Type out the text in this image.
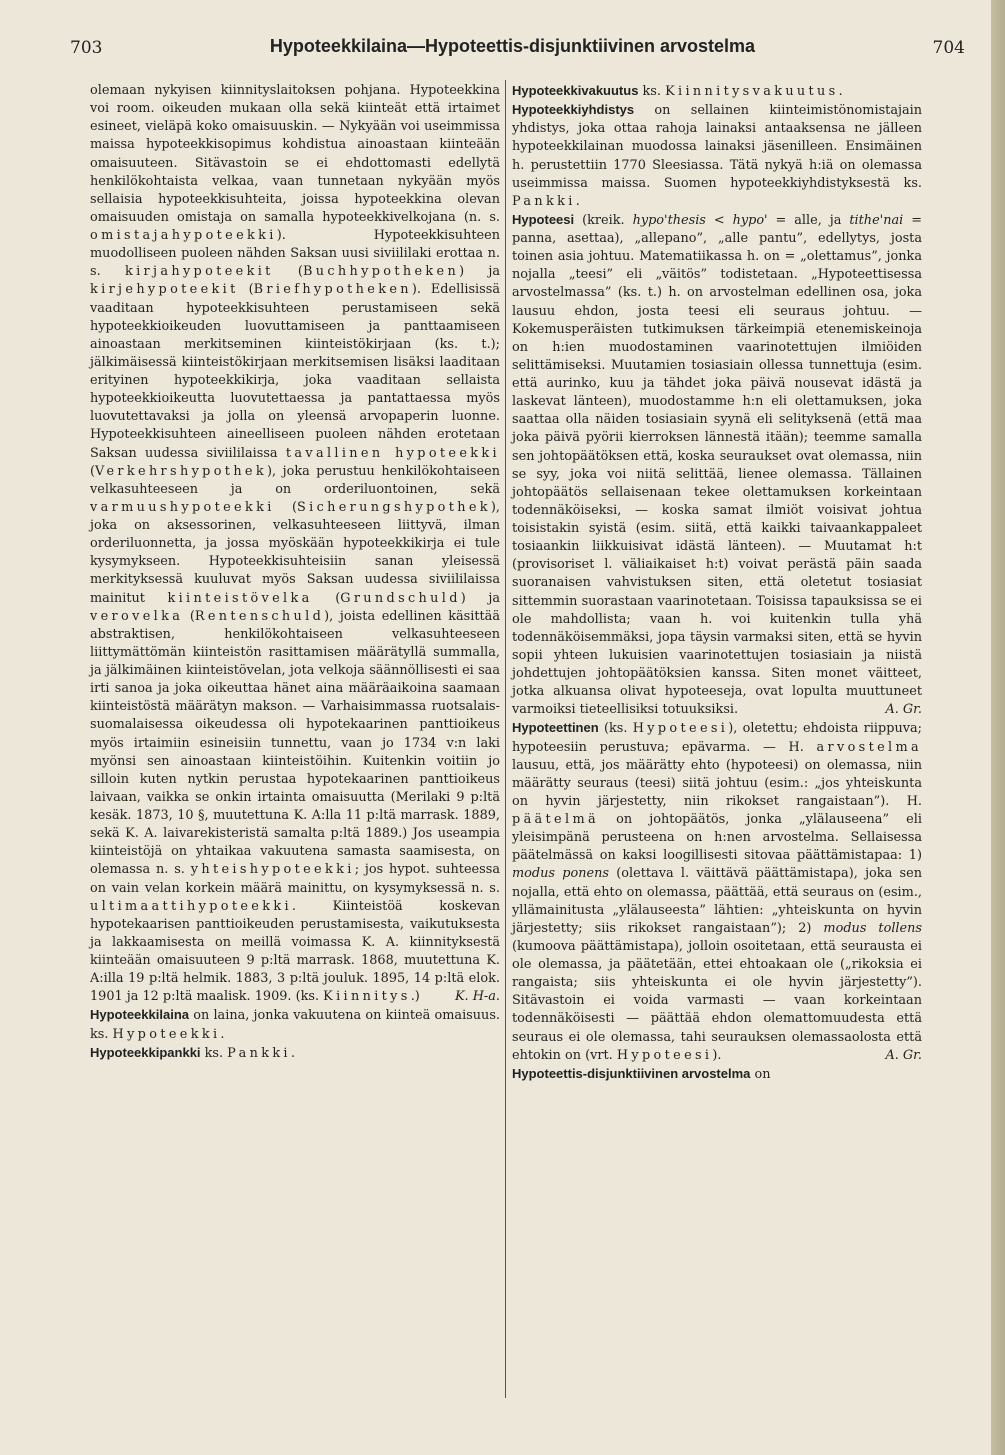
703	Hypoteekkilaina—Hypoteettis-disjunktiivinen arvostelma	704

olemaan nykyisen kiinnityslaitoksen pohjana. Hypoteekkina voi room. oikeuden mukaan olla sekä kiinteät että irtaimet esineet, vieläpä koko omaisuuskin. — Nykyään voi useimmissa maissa hypoteekkisopimus kohdistua ainoastaan kiinteään omaisuuteen. Sitävastoin se ei ehdottomasti edellytä henkilökohtaista velkaa, vaan tunnetaan nykyään myös sellaisia hypoteekkisuhteita, joissa hypoteekkina olevan omaisuuden omistaja on samalla hypoteekkivelkojana (n. s. omistajahypoteekki). Hypoteekkisuhteen muodolliseen puoleen nähden Saksan uusi siviililaki erottaa n. s. kirjahypoteekit (Buchhypotheken) ja kirjehypoteekit (Briefhypotheken). Edellisissä vaaditaan hypoteekkisuhteen perustamiseen sekä hypoteekkioikeuden luovuttamiseen ja panttaamiseen ainoastaan merkitseminen kiinteistökirjaan (ks. t.); jälkimäisessä kiinteistökirjaan merkitsemisen lisäksi laaditaan erityinen hypoteekkikirja, joka vaaditaan sellaista hypoteekkioikeutta luovutettaessa ja pantattaessa myös luovutettavaksi ja jolla on yleensä arvopaperin luonne. Hypoteekkisuhteen aineelliseen puoleen nähden erotetaan Saksan uudessa siviililaissa tavallinen hypoteekki (Verkehrshypothek), joka perustuu henkilökohtaiseen velkasuhteeseen ja on orderiluontoinen, sekä varmuushypoteekki (Sicherungshypothek), joka on aksessorinen, velkasuhteeseen liittyvä, ilman orderiluonnetta, ja jossa myöskään hypoteekkikirja ei tule kysymykseen. Hypoteekkisuhteisiin sanan yleisessä merkityksessä kuuluvat myös Saksan uudessa siviililaissa mainitut kiinteistövelka (Grundschuld) ja verovelka (Rentenschuld), joista edellinen käsittää abstraktisen, henkilökohtaiseen velkasuhteeseen liittymättömän kiinteistön rasittamisen määrätyllä summalla, ja jälkimäinen kiinteistövelan, jota velkoja säännöllisesti ei saa irti sanoa ja joka oikeuttaa hänet aina määräaikoina saamaan kiinteistöstä määrätyn makson. — Varhaisimmassa ruotsalais-suomalaisessa oikeudessa oli hypotekaarinen panttioikeus myös irtaimiin esineisiin tunnettu, vaan jo 1734 v:n laki myönsi sen ainoastaan kiinteistöihin. Kuitenkin voitiin jo silloin kuten nytkin perustaa hypotekaarinen panttioikeus laivaan, vaikka se onkin irtainta omaisuutta (Merilaki 9 p:ltä kesäk. 1873, 10 §, muutettuna K. A:lla 11 p:ltä marrask. 1889, sekä K. A. laivarekisteristä samalta p:ltä 1889.) Jos useampia kiinteistöjä on yhtaikaa vakuutena samasta saamisesta, on olemassa n. s. yhteishypoteekki; jos hypot. suhteessa on vain velan korkein määrä mainittu, on kysymyksessä n. s. ultimaattihypoteekki. Kiinteistöä koskevan hypotekaarisen panttioikeuden perustamisesta, vaikutuksesta ja lakkaamisesta on meillä voimassa K. A. kiinnityksestä kiinteään omaisuuteen 9 p:ltä marrask. 1868, muutettuna K. A:illa 19 p:ltä helmik. 1883, 3 p:ltä jouluk. 1895, 14 p:ltä elok. 1901 ja 12 p:ltä maalisk. 1909. (ks. Kiinnitys.)	K. H-a.

Hypoteekkilaina on laina, jonka vakuutena on kiinteä omaisuus. ks. Hypoteekki.
Hypoteekkipankki ks. Pankki.

Hypoteekkivakuutus ks. Kiinnitysvakuutus.
Hypoteekkiyhdistys on sellainen kiinteimistönomistajain yhdistys, joka ottaa rahoja lainaksi antaaksensa ne jälleen hypoteekkilainan muodossa lainaksi jäsenilleen. Ensimäinen h. perustettiin 1770 Sleesiassa. Tätä nykyä h:iä on olemassa useimmissa maissa. Suomen hypoteekkiyhdistyksestä ks. Pankki.
Hypoteesi (kreik. hypo'thesis < hypo' = alle, ja tithe'nai = panna, asettaa), „allepano”, „alle pantu”, edellytys, josta toinen asia johtuu. Matematiikassa h. on = „olettamus”, jonka nojalla „teesi” eli „väitös” todistetaan. „Hypoteettisessa arvostelmassa” (ks. t.) h. on arvostelman edellinen osa, joka lausuu ehdon, josta teesi eli seuraus johtuu. — Kokemusperäisten tutkimuksen tärkeimpiä etenemiskeinoja on h:ien muodostaminen vaarinotettujen ilmiöiden selittämiseksi. Muutamien tosiasiain ollessa tunnettuja (esim. että aurinko, kuu ja tähdet joka päivä nousevat idästä ja laskevat länteen), muodostamme h:n eli olettamuksen, joka saattaa olla näiden tosiasiain syynä eli selityksenä (että maa joka päivä pyörii kierroksen lännestä itään); teemme samalla sen johtopäätöksen että, koska seuraukset ovat olemassa, niin se syy, joka voi niitä selittää, lienee olemassa. Tällainen johtopäätös sellaisenaan tekee olettamuksen korkeintaan todennäköiseksi, — koska samat ilmiöt voisivat johtua toisistakin syistä (esim. siitä, että kaikki taivaankappaleet tosiaankin liikkuisivat idästä länteen). — Muutamat h:t (provisoriset l. väliaikaiset h:t) voivat perästä päin saada suoranaisen vahvistuksen siten, että oletetut tosiasiat sittemmin suorastaan vaarinotetaan. Toisissa tapauksissa se ei ole mahdollista; vaan h. voi kuitenkin tulla yhä todennäköisemmäksi, jopa täysin varmaksi siten, että se hyvin sopii yhteen lukuisien vaarinotettujen tosiasiain ja niistä johdettujen johtopäätöksien kanssa. Siten monet väitteet, jotka alkuansa olivat hypoteeseja, ovat lopulta muuttuneet varmoiksi tieteellisiksi totuuksiksi.	A. Gr.

Hypoteettinen (ks. Hypoteesi), oletettu; ehdoista riippuva; hypoteesiin perustuva; epävarma. — H. arvostelma lausuu, että, jos määrätty ehto (hypoteesi) on olemassa, niin määrätty seuraus (teesi) siitä johtuu (esim.: „jos yhteiskunta on hyvin järjestetty, niin rikokset rangaistaan”). H. päätelmä on johtopäätös, jonka „ylälauseena” eli yleisimpänä perusteena on h:nen arvostelma. Sellaisessa päätelmässä on kaksi loogillisesti sitovaa päättämistapaa: 1) modus ponens (olettava l. väittävä päättämistapa), joka sen nojalla, että ehto on olemassa, päättää, että seuraus on (esim., yllämainitusta „ylälauseesta” lähtien: „yhteiskunta on hyvin järjestetty; siis rikokset rangaistaan”); 2) modus tollens (kumoova päättämistapa), jolloin osoitetaan, että seurausta ei ole olemassa, ja päätetään, ettei ehtoakaan ole („rikoksia ei rangaista; siis yhteiskunta ei ole hyvin järjestetty”). Sitävastoin ei voida varmasti — vaan korkeintaan todennäköisesti — päättää ehdon olemattomuudesta että seuraus ei ole olemassa, tahi seurauksen olemassaolosta että ehtokin on (vrt. Hypoteesi).	A. Gr.

Hypoteettis-disjunktiivinen arvostelma on
